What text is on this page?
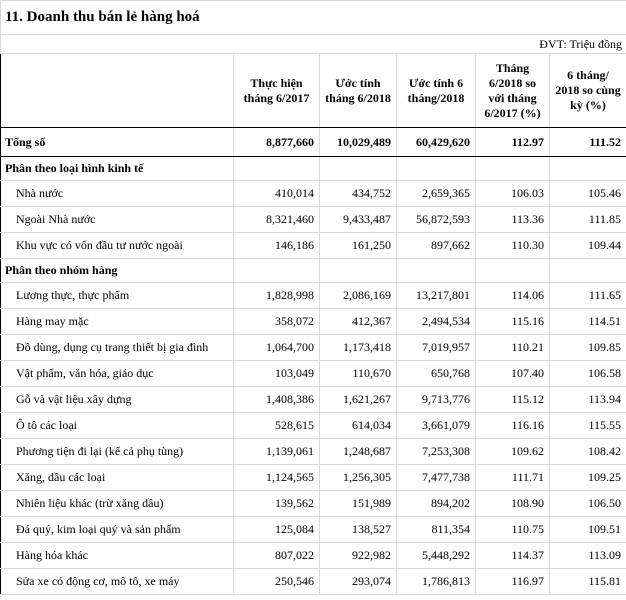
11. Doanh thu bán lẻ hàng hoá					
ĐVT: Triệu đồng					
	Thực hiện tháng 6/2017	Ước tính tháng 6/2018	Ước tính 6 tháng/2018	Tháng 6/2018 so với tháng 6/2017 (%)	6 tháng/ 2018 so cùng kỳ (%)
Tổng số	8,877,660	10,029,489	60,429,620	112.97	111.52
Phân theo loại hình kinh tế					
Nhà nước	410,014	434,752	2,659,365	106.03	105.46
Ngoài Nhà nước	8,321,460	9,433,487	56,872,593	113.36	111.85
Khu vực có vốn đầu tư nước ngoài	146,186	161,250	897,662	110.30	109.44
Phân theo nhóm hàng					
Lương thực, thực phẩm	1,828,998	2,086,169	13,217,801	114.06	111.65
Hàng may mặc	358,072	412,367	2,494,534	115.16	114.51
Đồ dùng, dụng cụ trang thiết bị gia đình	1,064,700	1,173,418	7,019,957	110.21	109.85
Vật phẩm, văn hóa, giáo dục	103,049	110,670	650,768	107.40	106.58
Gỗ và vật liệu xây dựng	1,408,386	1,621,267	9,713,776	115.12	113.94
Ô tô các loại	528,615	614,034	3,661,079	116.16	115.55
Phương tiện đi lại (kể cả phụ tùng)	1,139,061	1,248,687	7,253,308	109.62	108.42
Xăng, dầu các loại	1,124,565	1,256,305	7,477,738	111.71	109.25
Nhiên liệu khác (trừ xăng dầu)	139,562	151,989	894,202	108.90	106.50
Đá quý, kim loại quý và sản phẩm	125,084	138,527	811,354	110.75	109.51
Hàng hóa khác	807,022	922,982	5,448,292	114.37	113.09
Sửa xe có động cơ, mô tô, xe máy	250,546	293,074	1,786,813	116.97	115.81
